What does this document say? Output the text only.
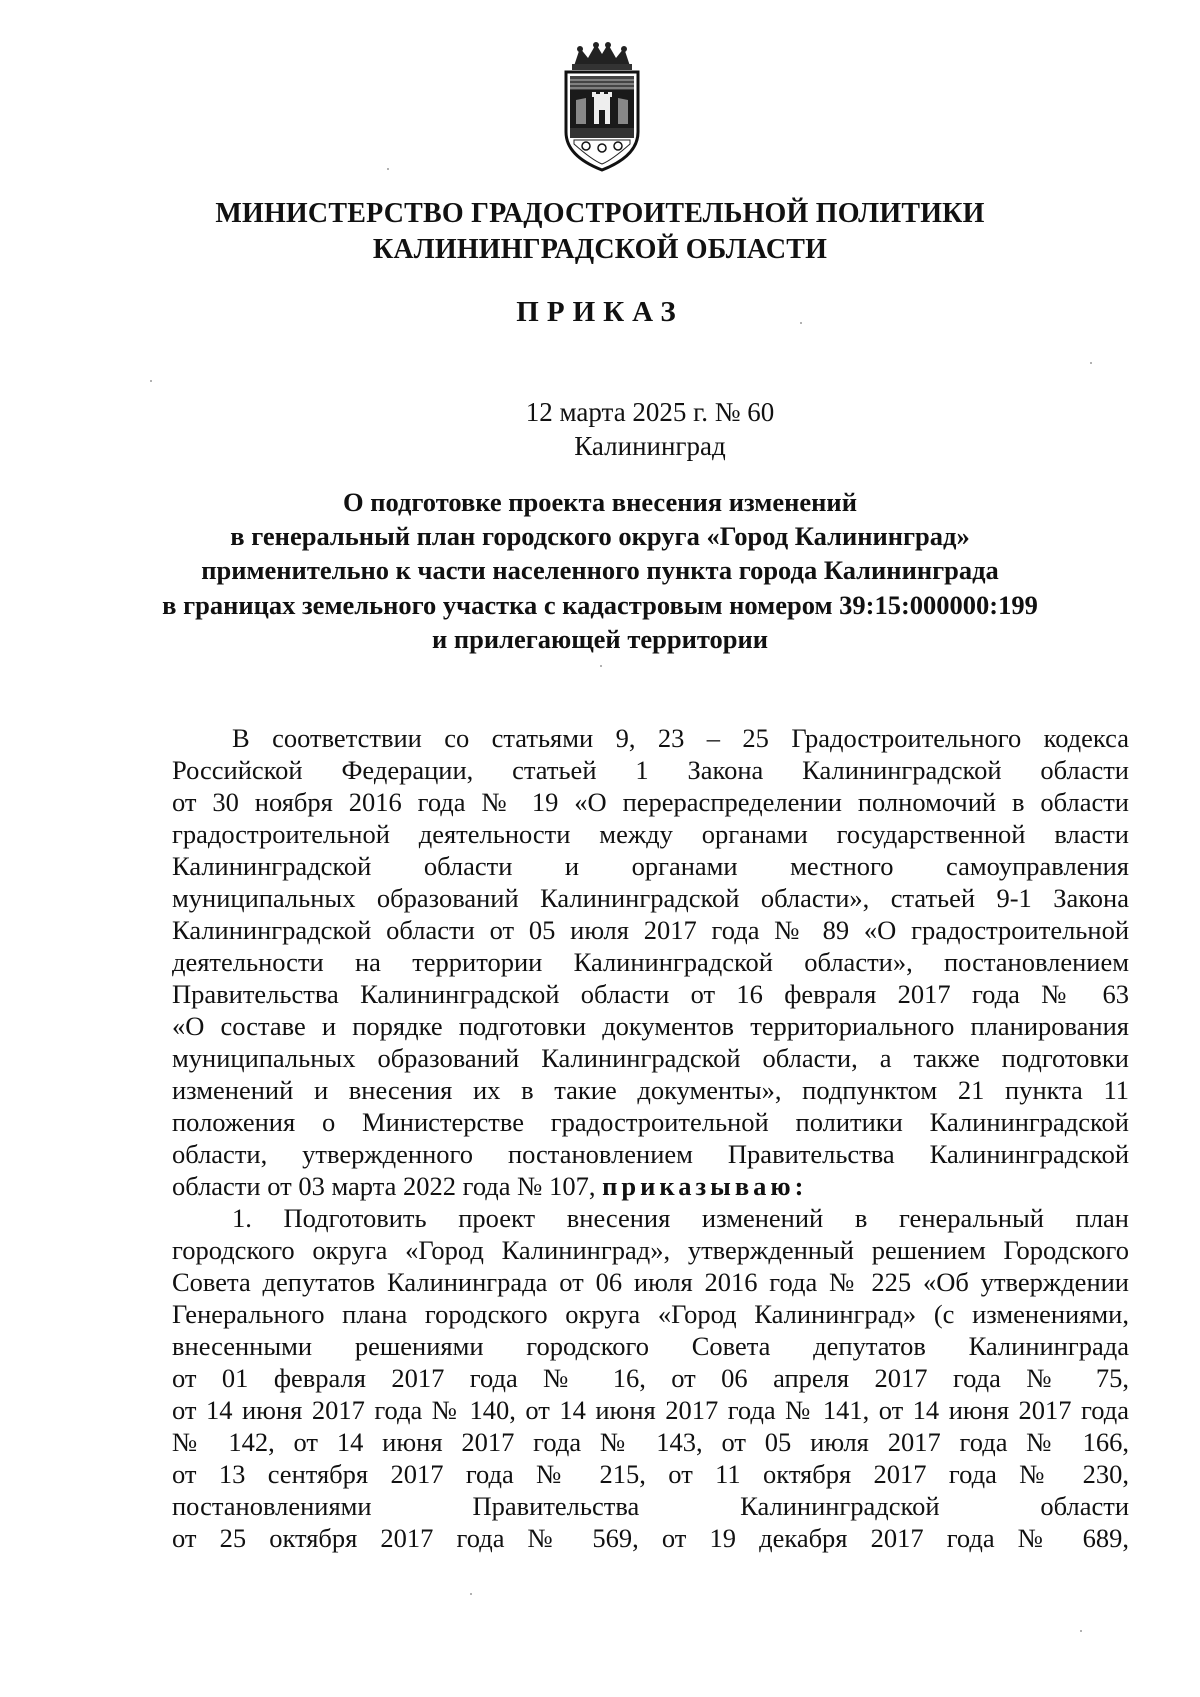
МИНИСТЕРСТВО ГРАДОСТРОИТЕЛЬНОЙ ПОЛИТИКИ
КАЛИНИНГРАДСКОЙ ОБЛАСТИ
ПРИКАЗ
12 марта 2025 г. № 60
Калининград
О подготовке проекта внесения изменений
в генеральный план городского округа «Город Калининград»
применительно к части населенного пункта города Калининграда
в границах земельного участка с кадастровым номером 39:15:000000:199
и прилегающей территории
В соответствии со статьями 9, 23 – 25 Градостроительного кодекса
Российской Федерации, статьей 1 Закона Калининградской области
от 30 ноября 2016 года № 19 «О перераспределении полномочий в области
градостроительной деятельности между органами государственной власти
Калининградской области и органами местного самоуправления
муниципальных образований Калининградской области», статьей 9-1 Закона
Калининградской области от 05 июля 2017 года № 89 «О градостроительной
деятельности на территории Калининградской области», постановлением
Правительства Калининградской области от 16 февраля 2017 года № 63
«О составе и порядке подготовки документов территориального планирования
муниципальных образований Калининградской области, а также подготовки
изменений и внесения их в такие документы», подпунктом 21 пункта 11
положения о Министерстве градостроительной политики Калининградской
области, утвержденного постановлением Правительства Калининградской
области от 03 марта 2022 года № 107, приказываю:
1. Подготовить проект внесения изменений в генеральный план
городского округа «Город Калининград», утвержденный решением Городского
Совета депутатов Калининграда от 06 июля 2016 года № 225 «Об утверждении
Генерального плана городского округа «Город Калининград» (с изменениями,
внесенными решениями городского Совета депутатов Калининграда
от 01 февраля 2017 года № 16, от 06 апреля 2017 года № 75,
от 14 июня 2017 года № 140, от 14 июня 2017 года № 141, от 14 июня 2017 года
№ 142, от 14 июня 2017 года № 143, от 05 июля 2017 года № 166,
от 13 сентября 2017 года № 215, от 11 октября 2017 года № 230,
постановлениями Правительства Калининградской области
от 25 октября 2017 года № 569, от 19 декабря 2017 года № 689,
